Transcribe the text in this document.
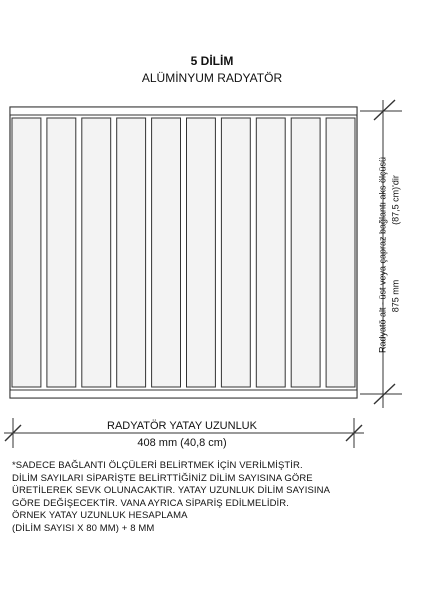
5 DİLİM
ALÜMİNYUM RADYATÖR
RADYATÖR YATAY UZUNLUK
408 mm (40,8 cm)
Radyatö alt - üst veya çapraz bağlantı aks ölçüsü (87,5 cm)'dir
875 mm
*SADECE BAĞLANTI ÖLÇÜLERİ BELİRTMEK İÇİN VERİLMİŞTİR.
DİLİM SAYILARI SİPARİŞTE BELİRTTİĞİNİZ DİLİM SAYISINA GÖRE
ÜRETİLEREK SEVK OLUNACAKTIR. YATAY UZUNLUK DİLİM SAYISINA
GÖRE DEĞİŞECEKTİR. VANA AYRICA SİPARİŞ EDİLMELİDİR.
ÖRNEK YATAY UZUNLUK HESAPLAMA
(DİLİM SAYISI X 80 MM) + 8 MM
